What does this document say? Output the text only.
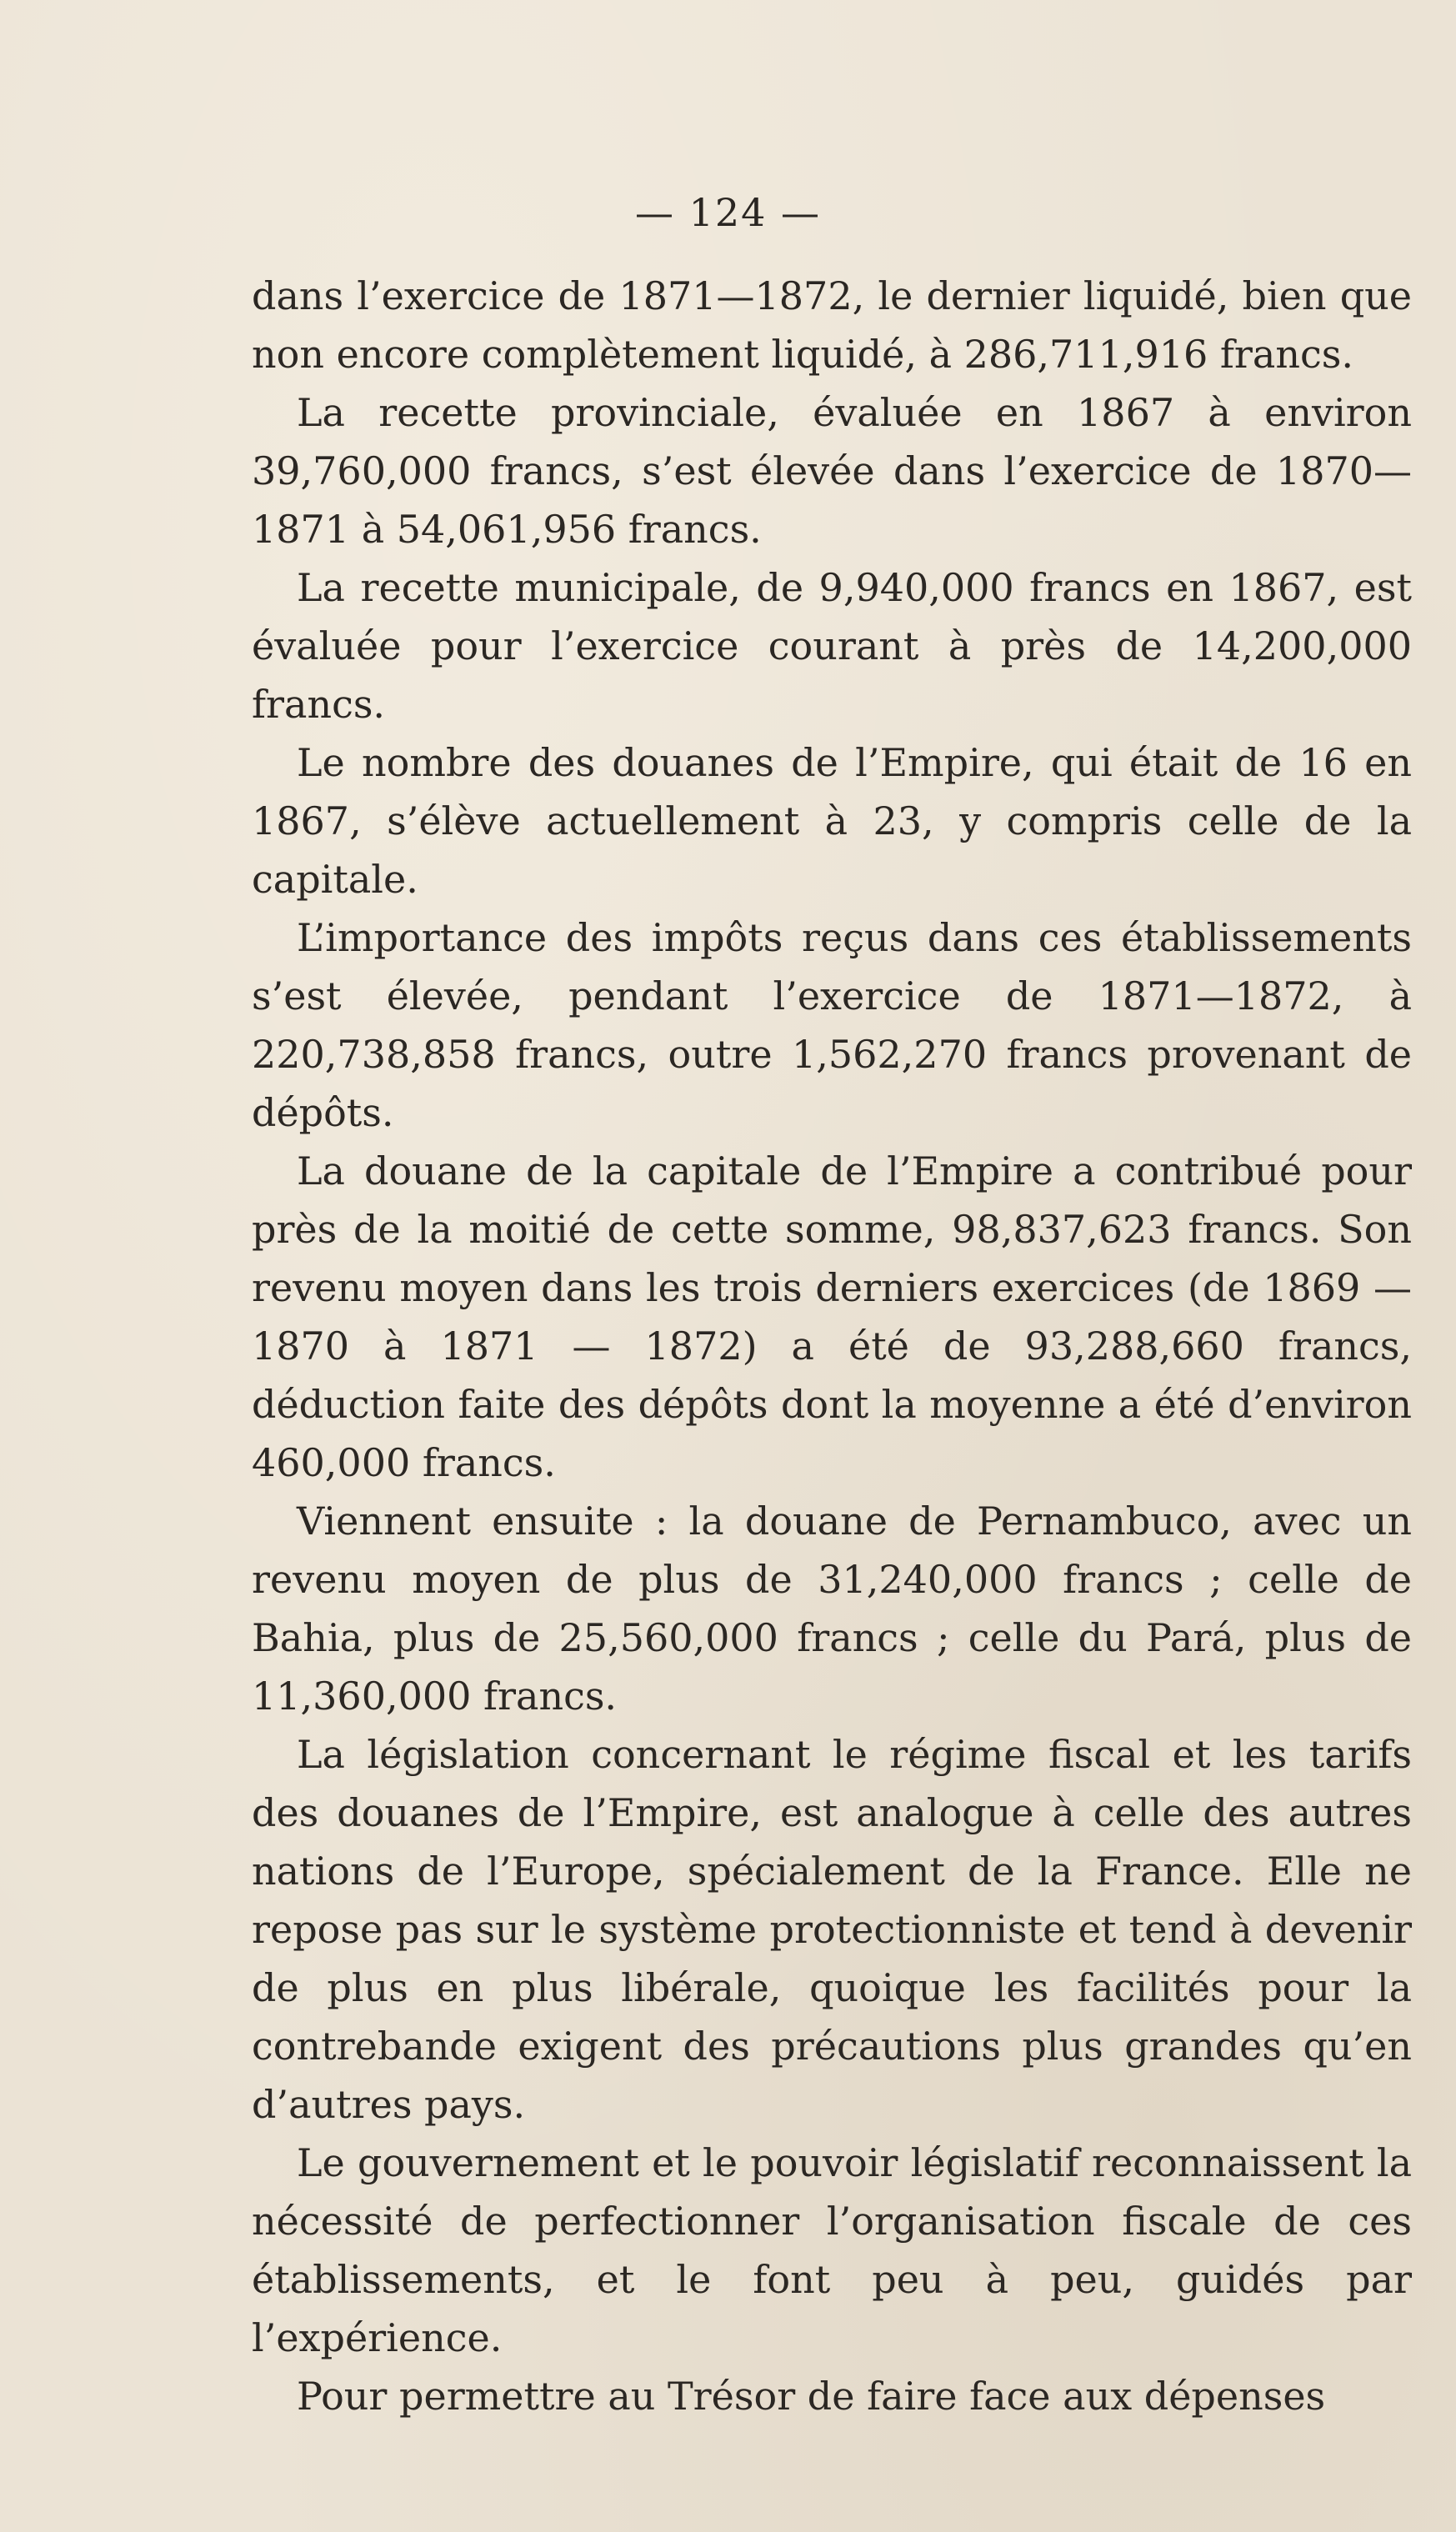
— 124 —

dans l’exercice de 1871—1872, le dernier liquidé, bien que non encore complètement liquidé, à 286,711,916 francs.

La recette provinciale, évaluée en 1867 à environ 39,760,000 francs, s’est élevée dans l’exercice de 1870—1871 à 54,061,956 francs.

La recette municipale, de 9,940,000 francs en 1867, est évaluée pour l’exercice courant à près de 14,200,000 francs.

Le nombre des douanes de l’Empire, qui était de 16 en 1867, s’élève actuellement à 23, y compris celle de la capitale.

L’importance des impôts reçus dans ces établissements s’est élevée, pendant l’exercice de 1871—1872, à 220,738,858 francs, outre 1,562,270 francs provenant de dépôts.

La douane de la capitale de l’Empire a contribué pour près de la moitié de cette somme, 98,837,623 francs. Son revenu moyen dans les trois derniers exercices (de 1869 — 1870 à 1871 — 1872) a été de 93,288,660 francs, déduction faite des dépôts dont la moyenne a été d’environ 460,000 francs.

Viennent ensuite : la douane de Pernambuco, avec un revenu moyen de plus de 31,240,000 francs ; celle de Bahia, plus de 25,560,000 francs ; celle du Pará, plus de 11,360,000 francs.

La législation concernant le régime fiscal et les tarifs des douanes de l’Empire, est analogue à celle des autres nations de l’Europe, spécialement de la France. Elle ne repose pas sur le système protectionniste et tend à devenir de plus en plus libérale, quoique les facilités pour la contrebande exigent des précautions plus grandes qu’en d’autres pays.

Le gouvernement et le pouvoir législatif reconnaissent la nécessité de perfectionner l’organisation fiscale de ces établissements, et le font peu à peu, guidés par l’expérience.

Pour permettre au Trésor de faire face aux dépenses
